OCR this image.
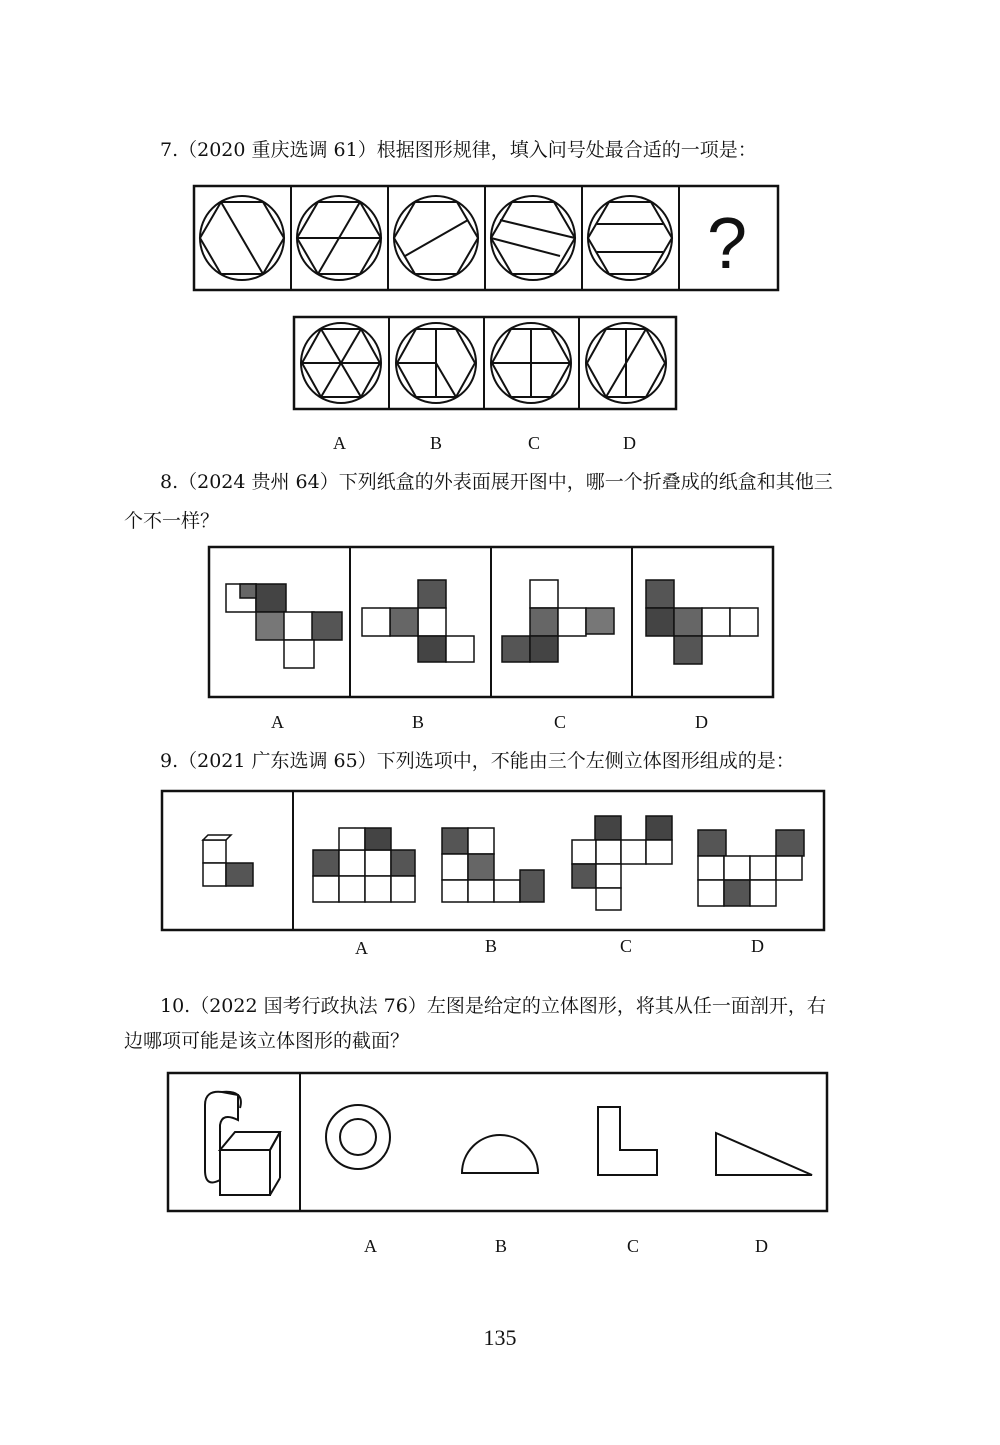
7.（2020 重庆选调 61）根据图形规律，填入问号处最合适的一项是：
?
A	B	C	D
8.（2024 贵州 64）下列纸盒的外表面展开图中，哪一个折叠成的纸盒和其他三
个不一样？
A	B	C	D
9.（2021 广东选调 65）下列选项中，不能由三个左侧立体图形组成的是：
A	B	C	D
10.（2022 国考行政执法 76）左图是给定的立体图形，将其从任一面剖开，右
边哪项可能是该立体图形的截面？
A	B	C	D
135
